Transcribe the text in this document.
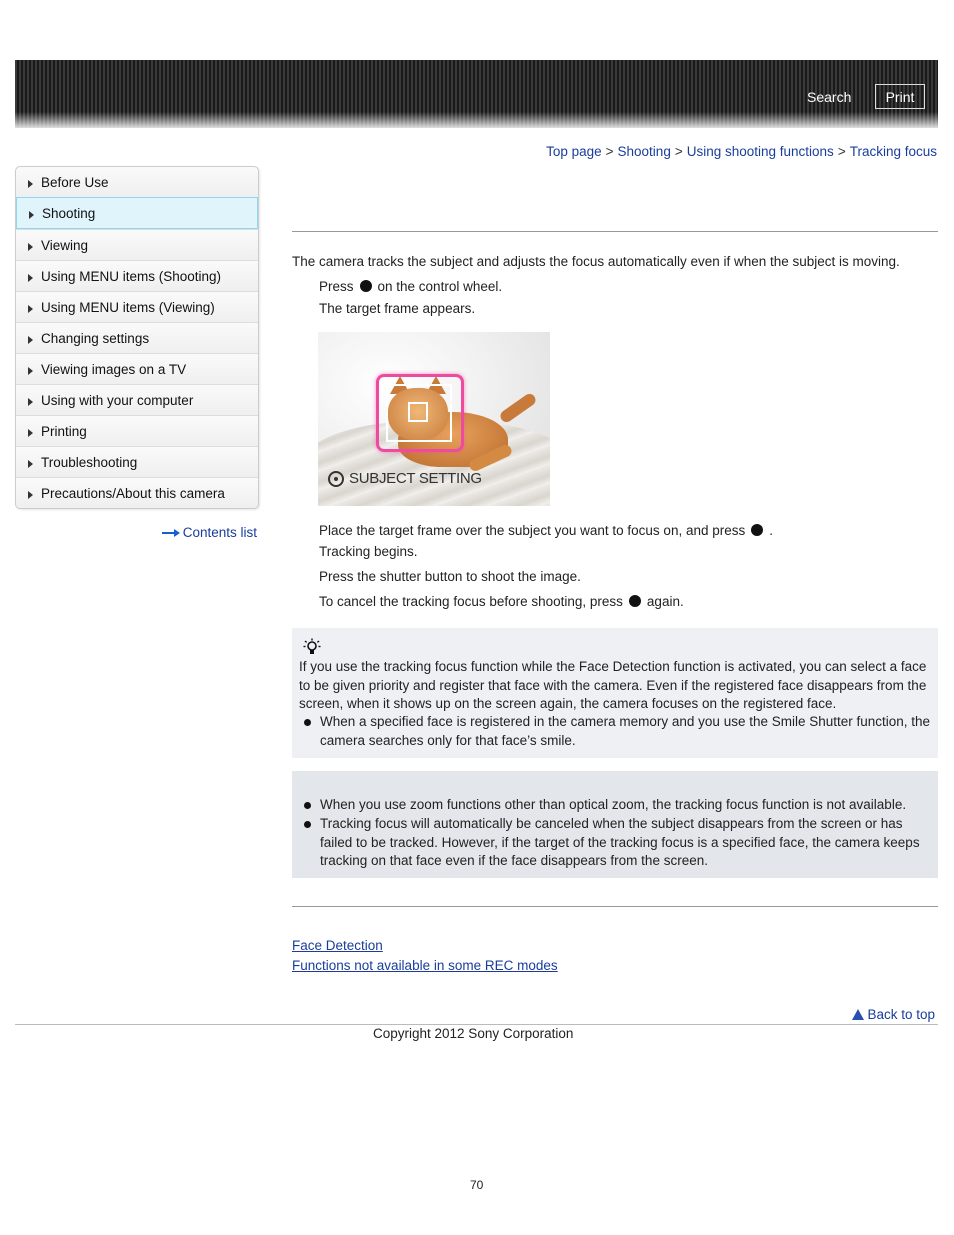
Search	Print
Top page > Shooting > Using shooting functions > Tracking focus
Before Use
Shooting
Viewing
Using MENU items (Shooting)
Using MENU items (Viewing)
Changing settings
Viewing images on a TV
Using with your computer
Printing
Troubleshooting
Precautions/About this camera
Contents list
The camera tracks the subject and adjusts the focus automatically even if when the subject is moving.
Press on the control wheel.
The target frame appears.
SUBJECT SETTING
Place the target frame over the subject you want to focus on, and press .
Tracking begins.
Press the shutter button to shoot the image.
To cancel the tracking focus before shooting, press again.
If you use the tracking focus function while the Face Detection function is activated, you can select a face to be given priority and register that face with the camera. Even if the registered face disappears from the screen, when it shows up on the screen again, the camera focuses on the registered face.
When a specified face is registered in the camera memory and you use the Smile Shutter function, the camera searches only for that face’s smile.
When you use zoom functions other than optical zoom, the tracking focus function is not available.
Tracking focus will automatically be canceled when the subject disappears from the screen or has failed to be tracked. However, if the target of the tracking focus is a specified face, the camera keeps tracking on that face even if the face disappears from the screen.
Face Detection
Functions not available in some REC modes
Back to top
Copyright 2012 Sony Corporation
70
